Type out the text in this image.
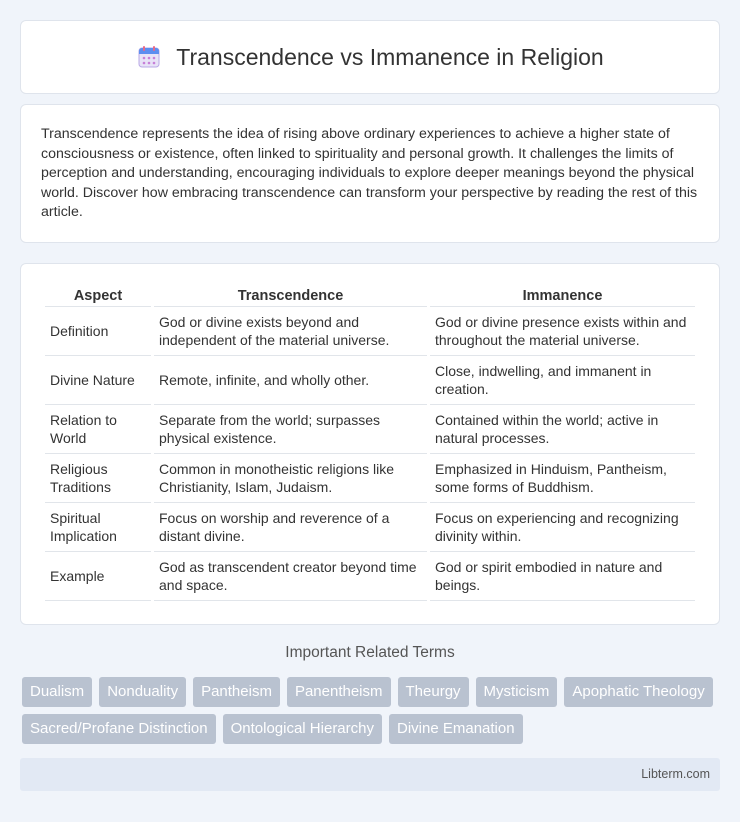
Transcendence vs Immanence in Religion

Transcendence represents the idea of rising above ordinary experiences to achieve a higher state of consciousness or existence, often linked to spirituality and personal growth. It challenges the limits of perception and understanding, encouraging individuals to explore deeper meanings beyond the physical world. Discover how embracing transcendence can transform your perspective by reading the rest of this article.

Aspect	Transcendence	Immanence
Definition	God or divine exists beyond and independent of the material universe.	God or divine presence exists within and throughout the material universe.
Divine Nature	Remote, infinite, and wholly other.	Close, indwelling, and immanent in creation.
Relation to World	Separate from the world; surpasses physical existence.	Contained within the world; active in natural processes.
Religious Traditions	Common in monotheistic religions like Christianity, Islam, Judaism.	Emphasized in Hinduism, Pantheism, some forms of Buddhism.
Spiritual Implication	Focus on worship and reverence of a distant divine.	Focus on experiencing and recognizing divinity within.
Example	God as transcendent creator beyond time and space.	God or spirit embodied in nature and beings.
Important Related Terms
Dualism	Nonduality	Pantheism	Panentheism	Theurgy	Mysticism	Apophatic Theology
Sacred/Profane Distinction	Ontological Hierarchy	Divine Emanation
Libterm.com
